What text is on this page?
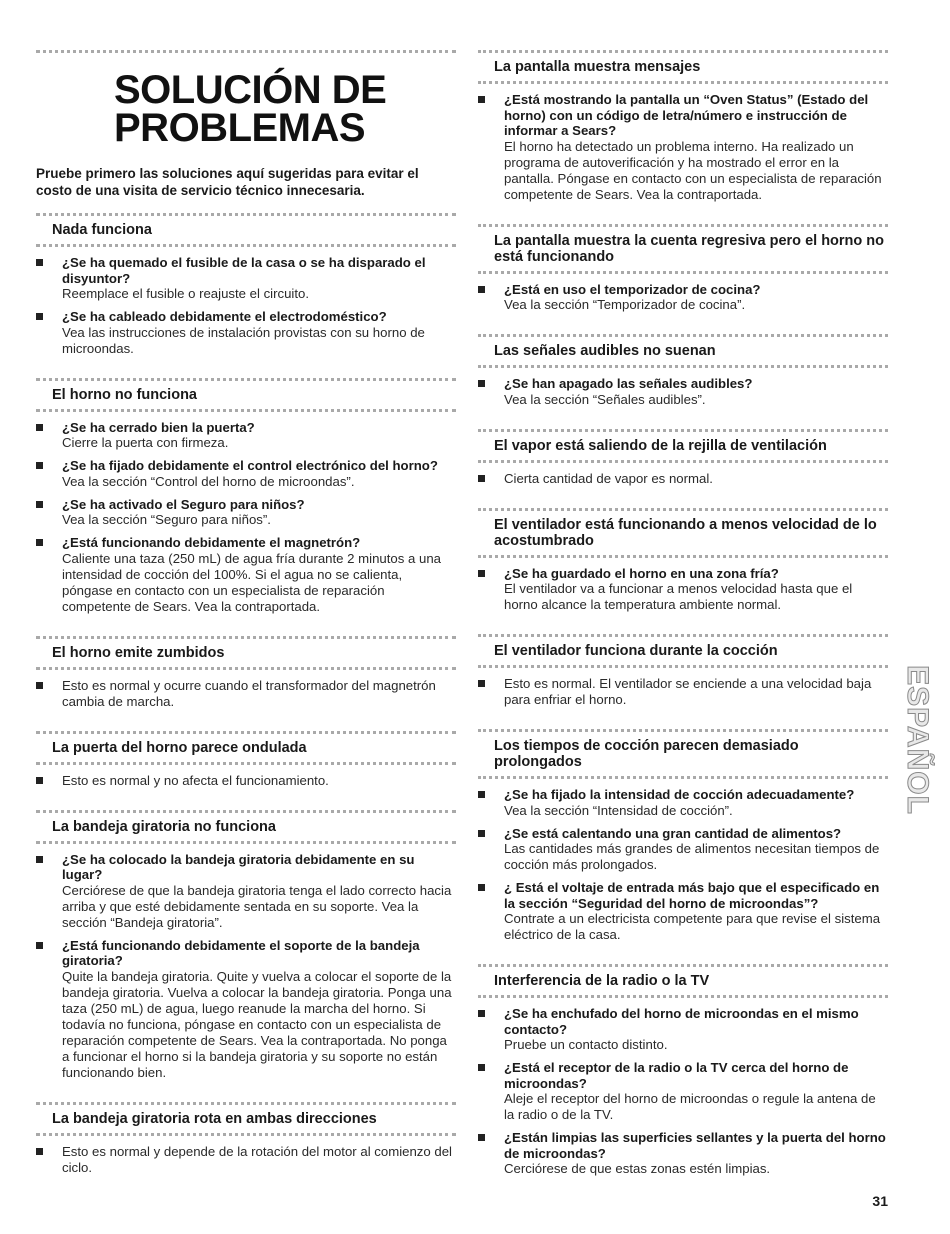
SOLUCIÓN DE
PROBLEMAS

Pruebe primero las soluciones aquí sugeridas para evitar el costo de una visita de servicio técnico innecesaria.

Nada funciona

¿Se ha quemado el fusible de la casa o se ha disparado el disyuntor?

Reemplace el fusible o reajuste el circuito.

¿Se ha cableado debidamente el electrodoméstico?

Vea las instrucciones de instalación provistas con su horno de microondas.

El horno no funciona

¿Se ha cerrado bien la puerta?

Cierre la puerta con firmeza.

¿Se ha fijado debidamente el control electrónico del horno?

Vea la sección “Control del horno de microondas”.

¿Se ha activado el Seguro para niños?

Vea la sección “Seguro para niños”.

¿Está funcionando debidamente el magnetrón?

Caliente una taza (250 mL) de agua fría durante 2 minutos a una intensidad de cocción del 100%. Si el agua no se calienta, póngase en contacto con un especialista de reparación competente de Sears. Vea la contraportada.

El horno emite zumbidos

Esto es normal y ocurre cuando el transformador del magnetrón cambia de marcha.

La puerta del horno parece ondulada

Esto es normal y no afecta el funcionamiento.

La bandeja giratoria no funciona

¿Se ha colocado la bandeja giratoria debidamente en su lugar?

Cerciórese de que la bandeja giratoria tenga el lado correcto hacia arriba y que esté debidamente sentada en su soporte. Vea la sección “Bandeja giratoria”.

¿Está funcionando debidamente el soporte de la bandeja giratoria?

Quite la bandeja giratoria. Quite y vuelva a colocar el soporte de la bandeja giratoria. Vuelva a colocar la bandeja giratoria. Ponga una taza (250 mL) de agua, luego reanude la marcha del horno. Si todavía no funciona, póngase en contacto con un especialista de reparación competente de Sears. Vea la contraportada. No ponga a funcionar el horno si la bandeja giratoria y su soporte no están funcionando bien.

La bandeja giratoria rota en ambas direcciones

Esto es normal y depende de la rotación del motor al comienzo del ciclo.

La pantalla muestra mensajes

¿Está mostrando la pantalla un “Oven Status” (Estado del horno) con un código de letra/número e instrucción de informar a Sears?

El horno ha detectado un problema interno. Ha realizado un programa de autoverificación y ha mostrado el error en la pantalla. Póngase en contacto con un especialista de reparación competente de Sears. Vea la contraportada.

La pantalla muestra la cuenta regresiva pero el horno no está funcionando

¿Está en uso el temporizador de cocina?

Vea la sección “Temporizador de cocina”.

Las señales audibles no suenan

¿Se han apagado las señales audibles?

Vea la sección “Señales audibles”.

El vapor está saliendo de la rejilla de ventilación

Cierta cantidad de vapor es normal.

El ventilador está funcionando a menos velocidad de lo acostumbrado

¿Se ha guardado el horno en una zona fría?

El ventilador va a funcionar a menos velocidad hasta que el horno alcance la temperatura ambiente normal.

El ventilador funciona durante la cocción

Esto es normal. El ventilador se enciende a una velocidad baja para enfriar el horno.

Los tiempos de cocción parecen demasiado prolongados

¿Se ha fijado la intensidad de cocción adecuadamente?

Vea la sección “Intensidad de cocción”.

¿Se está calentando una gran cantidad de alimentos?

Las cantidades más grandes de alimentos necesitan tiempos de cocción más prolongados.

¿ Está el voltaje de entrada más bajo que el especificado en la sección “Seguridad del horno de microondas”?

Contrate a un electricista competente para que revise el sistema eléctrico de la casa.

Interferencia de la radio o la TV

¿Se ha enchufado del horno de microondas en el mismo contacto?

Pruebe un contacto distinto.

¿Está el receptor de la radio o la TV cerca del horno de microondas?

Aleje el receptor del horno de microondas o regule la antena de la radio o de la TV.

¿Están limpias las superficies sellantes y la puerta del horno de microondas?

Cerciórese de que estas zonas estén limpias.

ESPAÑOL
31
